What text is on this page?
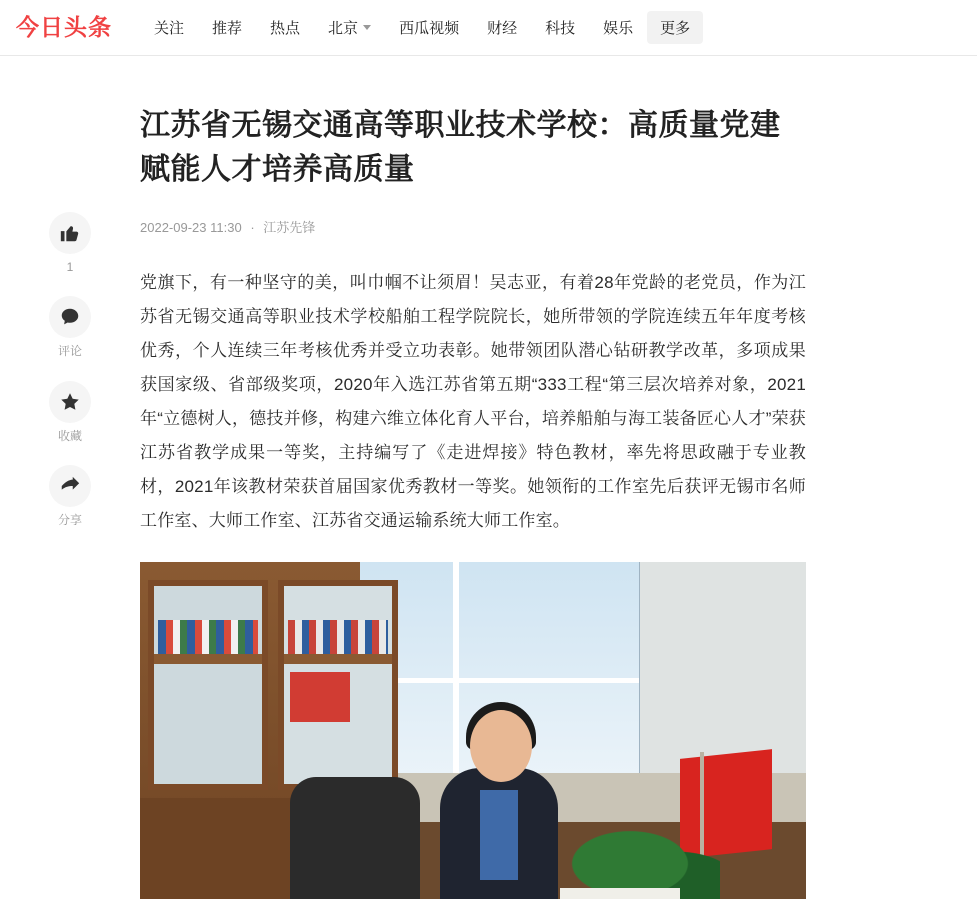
今日头条	关注 推荐 热点 北京	西瓜视频 财经 科技 娱乐 更多
1
评论
收藏
分享
江苏省无锡交通高等职业技术学校：高质量党建赋能人才培养高质量
2022-09-23 11:30 · 江苏先锋

党旗下，有一种坚守的美，叫巾帼不让须眉！吴志亚，有着28年党龄的老党员，作为江苏省无锡交通高等职业技术学校船舶工程学院院长，她所带领的学院连续五年年度考核优秀，个人连续三年考核优秀并受立功表彰。她带领团队潜心钻研教学改革，多项成果获国家级、省部级奖项，2020年入选江苏省第五期“333工程“第三层次培养对象，2021年“立德树人，德技并修，构建六维立体化育人平台，培养船舶与海工装备匠心人才”荣获江苏省教学成果一等奖，主持编写了《走进焊接》特色教材，率先将思政融于专业教材，2021年该教材荣获首届国家优秀教材一等奖。她领衔的工作室先后获评无锡市名师工作室、大师工作室、江苏省交通运输系统大师工作室。
